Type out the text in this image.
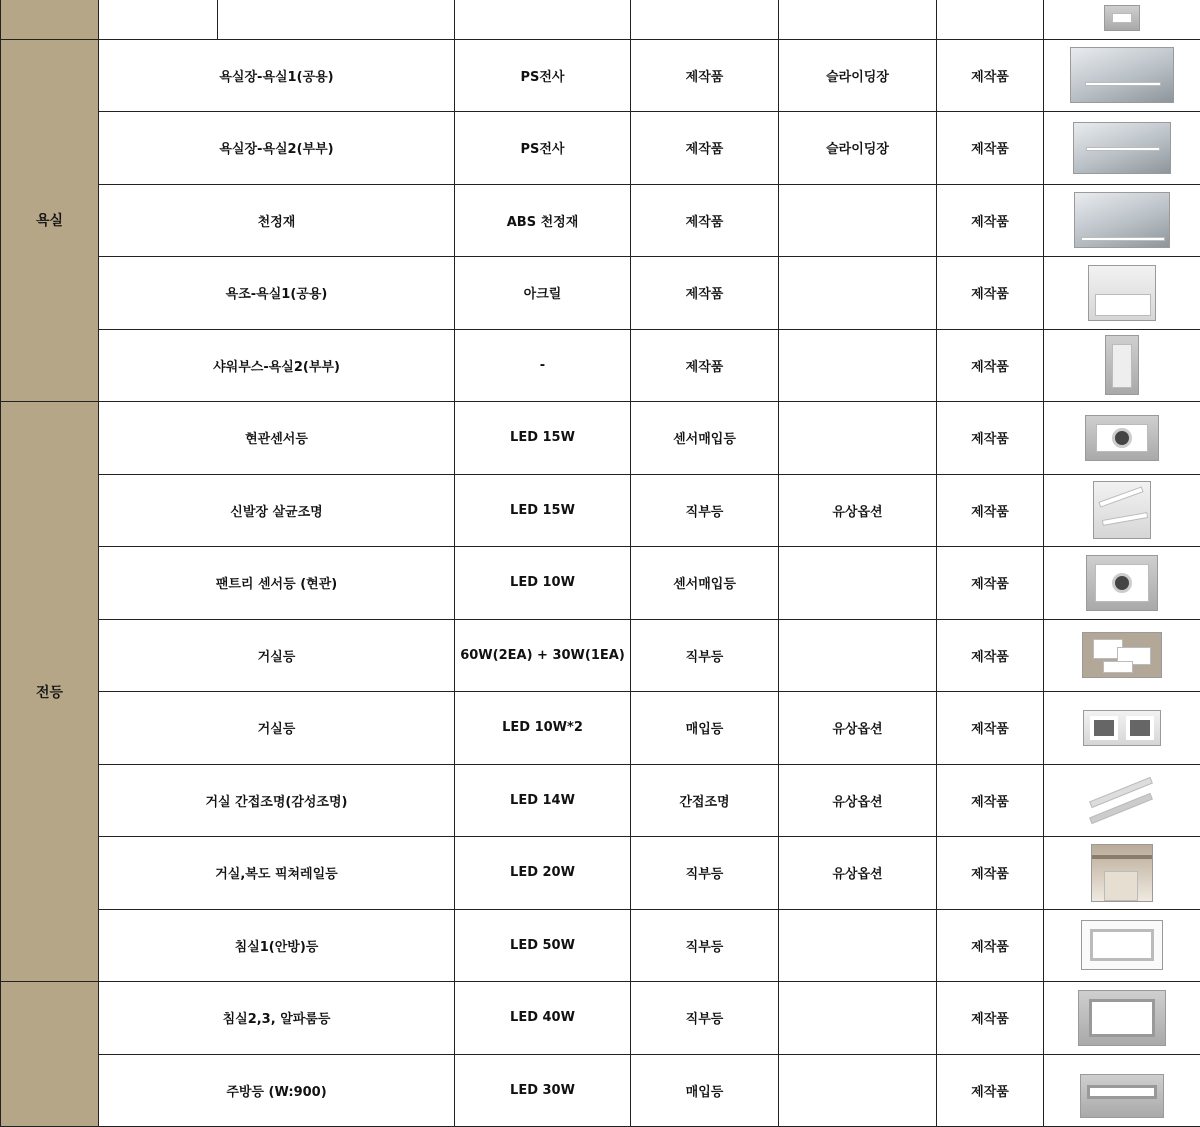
욕실	욕실장-욕실1(공용)		PS전사	제작품	슬라이딩장	제작품	

	욕실장-욕실2(부부)		PS전사	제작품	슬라이딩장	제작품	

	천정재		ABS 천정재	제작품		제작품	

	욕조-욕실1(공용)		아크릴	제작품		제작품	

	샤워부스-욕실2(부부)		-	제작품		제작품	

전등	현관센서등		LED 15W	센서매입등		제작품	

	신발장 살균조명		LED 15W	직부등	유상옵션	제작품	

	팬트리 센서등 (현관)		LED 10W	센서매입등		제작품	

	거실등		60W(2EA) + 30W(1EA)	직부등		제작품	

	거실등		LED 10W*2	매입등	유상옵션	제작품	

	거실 간접조명(감성조명)		LED 14W	간접조명	유상옵션	제작품	

	거실,복도 픽쳐레일등		LED 20W	직부등	유상옵션	제작품	

	침실1(안방)등		LED 50W	직부등		제작품	

	침실2,3, 알파룸등		LED 40W	직부등		제작품	

	주방등 (W:900)		LED 30W	매입등		제작품	
